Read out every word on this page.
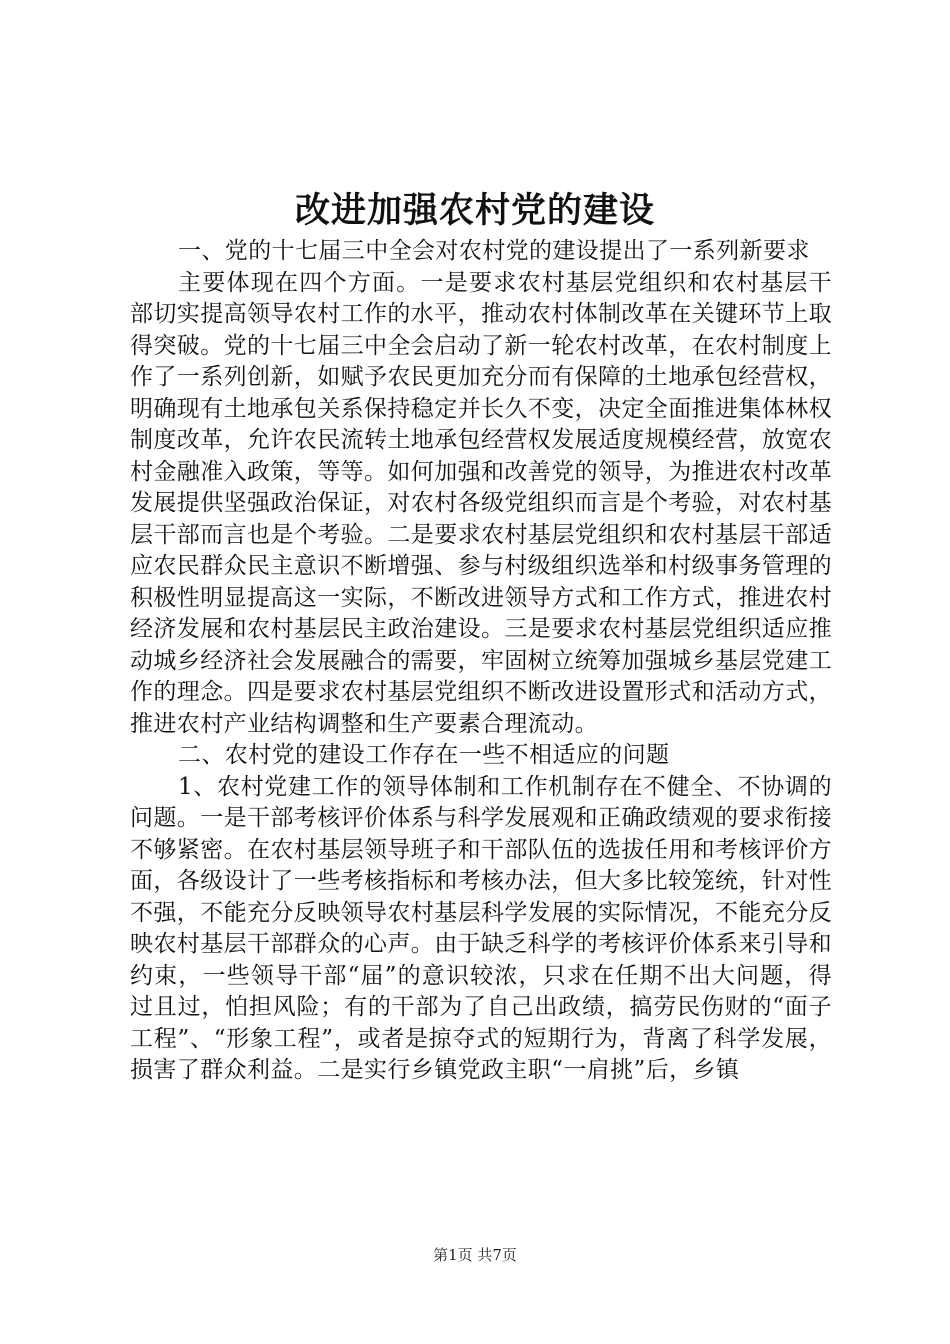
改进加强农村党的建设

一、党的十七届三中全会对农村党的建设提出了一系列新要求

主要体现在四个方面。一是要求农村基层党组织和农村基层干部切实提高领导农村工作的水平，推动农村体制改革在关键环节上取得突破。党的十七届三中全会启动了新一轮农村改革，在农村制度上作了一系列创新，如赋予农民更加充分而有保障的土地承包经营权，明确现有土地承包关系保持稳定并长久不变，决定全面推进集体林权制度改革，允许农民流转土地承包经营权发展适度规模经营，放宽农村金融准入政策，等等。如何加强和改善党的领导，为推进农村改革发展提供坚强政治保证，对农村各级党组织而言是个考验，对农村基层干部而言也是个考验。二是要求农村基层党组织和农村基层干部适应农民群众民主意识不断增强、参与村级组织选举和村级事务管理的积极性明显提高这一实际，不断改进领导方式和工作方式，推进农村经济发展和农村基层民主政治建设。三是要求农村基层党组织适应推动城乡经济社会发展融合的需要，牢固树立统筹加强城乡基层党建工作的理念。四是要求农村基层党组织不断改进设置形式和活动方式，推进农村产业结构调整和生产要素合理流动。

二、农村党的建设工作存在一些不相适应的问题

1、农村党建工作的领导体制和工作机制存在不健全、不协调的问题。一是干部考核评价体系与科学发展观和正确政绩观的要求衔接不够紧密。在农村基层领导班子和干部队伍的选拔任用和考核评价方面，各级设计了一些考核指标和考核办法，但大多比较笼统，针对性不强，不能充分反映领导农村基层科学发展的实际情况，不能充分反映农村基层干部群众的心声。由于缺乏科学的考核评价体系来引导和约束，一些领导干部“届”的意识较浓，只求在任期不出大问题，得过且过，怕担风险；有的干部为了自己出政绩，搞劳民伤财的“面子工程”、“形象工程”，或者是掠夺式的短期行为，背离了科学发展，损害了群众利益。二是实行乡镇党政主职“一肩挑”后，乡镇

第1页 共7页
